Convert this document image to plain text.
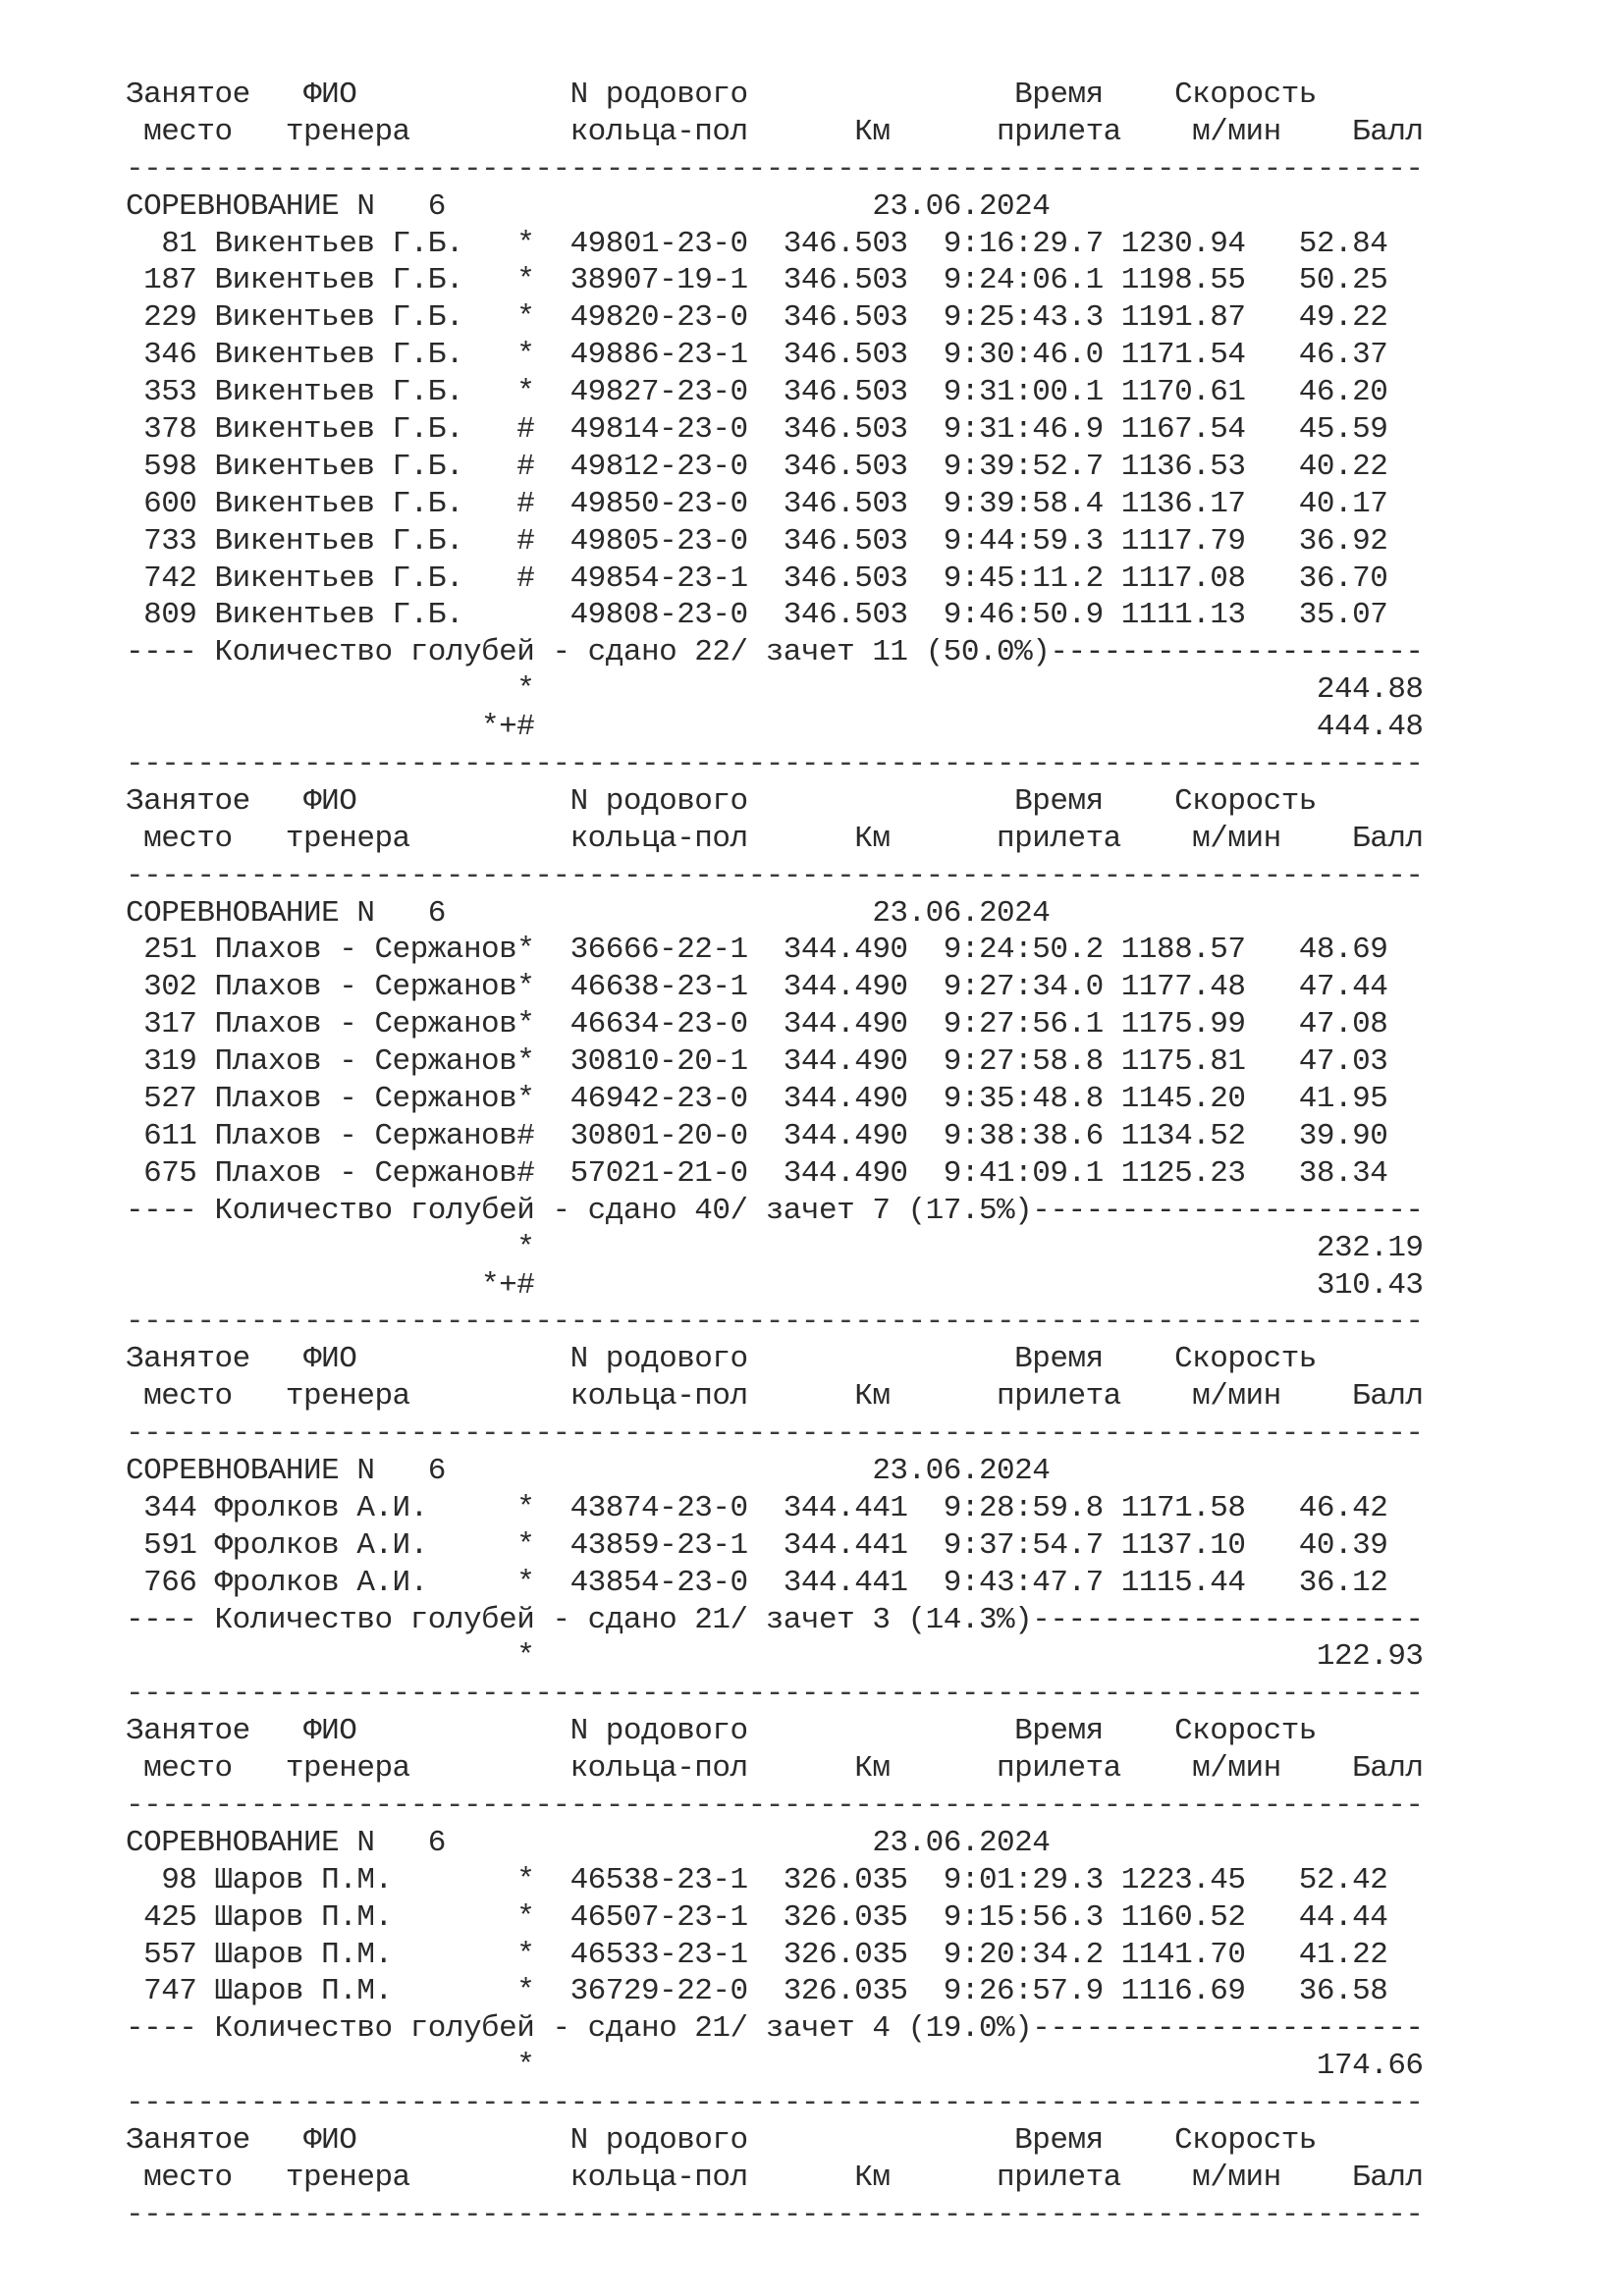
Занятое   ФИО            N родового               Время    Скорость
место   тренера         кольца-пол      Км      прилета    м/мин    Балл
-------------------------------------------------------------------------
СОРЕВНОВАНИЕ N   6                        23.06.2024
81 Викентьев Г.Б.   *  49801-23-0  346.503  9:16:29.7 1230.94   52.84
187 Викентьев Г.Б.   *  38907-19-1  346.503  9:24:06.1 1198.55   50.25
229 Викентьев Г.Б.   *  49820-23-0  346.503  9:25:43.3 1191.87   49.22
346 Викентьев Г.Б.   *  49886-23-1  346.503  9:30:46.0 1171.54   46.37
353 Викентьев Г.Б.   *  49827-23-0  346.503  9:31:00.1 1170.61   46.20
378 Викентьев Г.Б.   #  49814-23-0  346.503  9:31:46.9 1167.54   45.59
598 Викентьев Г.Б.   #  49812-23-0  346.503  9:39:52.7 1136.53   40.22
600 Викентьев Г.Б.   #  49850-23-0  346.503  9:39:58.4 1136.17   40.17
733 Викентьев Г.Б.   #  49805-23-0  346.503  9:44:59.3 1117.79   36.92
742 Викентьев Г.Б.   #  49854-23-1  346.503  9:45:11.2 1117.08   36.70
809 Викентьев Г.Б.      49808-23-0  346.503  9:46:50.9 1111.13   35.07
---- Количество голубей - сдано 22/ зачет 11 (50.0%)---------------------
*                                            244.88
*+#                                            444.48
-------------------------------------------------------------------------
Занятое   ФИО            N родового               Время    Скорость
место   тренера         кольца-пол      Км      прилета    м/мин    Балл
-------------------------------------------------------------------------
СОРЕВНОВАНИЕ N   6                        23.06.2024
251 Плахов - Сержанов*  36666-22-1  344.490  9:24:50.2 1188.57   48.69
302 Плахов - Сержанов*  46638-23-1  344.490  9:27:34.0 1177.48   47.44
317 Плахов - Сержанов*  46634-23-0  344.490  9:27:56.1 1175.99   47.08
319 Плахов - Сержанов*  30810-20-1  344.490  9:27:58.8 1175.81   47.03
527 Плахов - Сержанов*  46942-23-0  344.490  9:35:48.8 1145.20   41.95
611 Плахов - Сержанов#  30801-20-0  344.490  9:38:38.6 1134.52   39.90
675 Плахов - Сержанов#  57021-21-0  344.490  9:41:09.1 1125.23   38.34
---- Количество голубей - сдано 40/ зачет 7 (17.5%)----------------------
*                                            232.19
*+#                                            310.43
-------------------------------------------------------------------------
Занятое   ФИО            N родового               Время    Скорость
место   тренера         кольца-пол      Км      прилета    м/мин    Балл
-------------------------------------------------------------------------
СОРЕВНОВАНИЕ N   6                        23.06.2024
344 Фролков А.И.     *  43874-23-0  344.441  9:28:59.8 1171.58   46.42
591 Фролков А.И.     *  43859-23-1  344.441  9:37:54.7 1137.10   40.39
766 Фролков А.И.     *  43854-23-0  344.441  9:43:47.7 1115.44   36.12
---- Количество голубей - сдано 21/ зачет 3 (14.3%)----------------------
*                                            122.93
-------------------------------------------------------------------------
Занятое   ФИО            N родового               Время    Скорость
место   тренера         кольца-пол      Км      прилета    м/мин    Балл
-------------------------------------------------------------------------
СОРЕВНОВАНИЕ N   6                        23.06.2024
98 Шаров П.М.       *  46538-23-1  326.035  9:01:29.3 1223.45   52.42
425 Шаров П.М.       *  46507-23-1  326.035  9:15:56.3 1160.52   44.44
557 Шаров П.М.       *  46533-23-1  326.035  9:20:34.2 1141.70   41.22
747 Шаров П.М.       *  36729-22-0  326.035  9:26:57.9 1116.69   36.58
---- Количество голубей - сдано 21/ зачет 4 (19.0%)----------------------
*                                            174.66
-------------------------------------------------------------------------
Занятое   ФИО            N родового               Время    Скорость
место   тренера         кольца-пол      Км      прилета    м/мин    Балл
-------------------------------------------------------------------------
